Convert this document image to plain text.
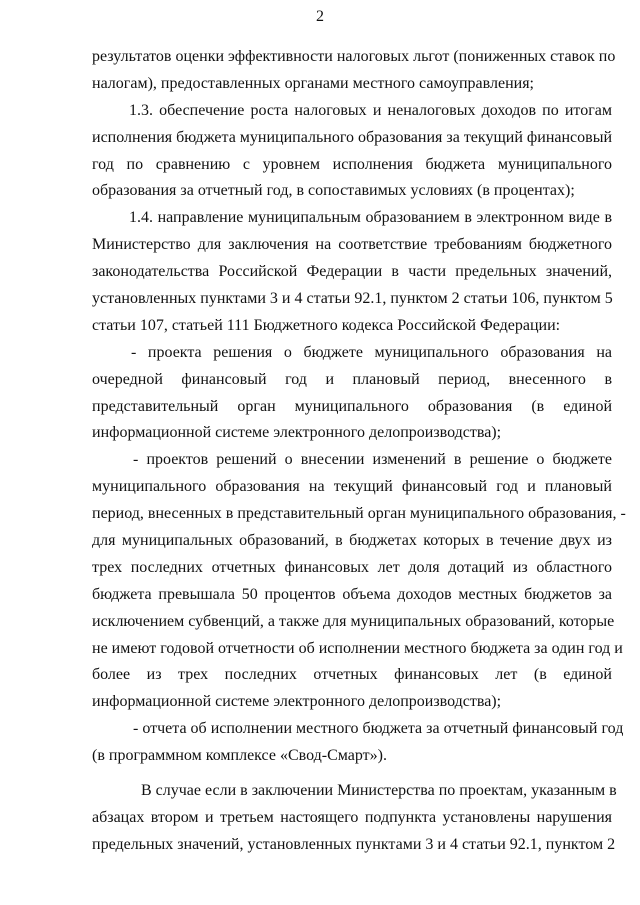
2
результатов оценки эффективности налоговых льгот (пониженных ставок по
налогам), предоставленных органами местного самоуправления;
1.3. обеспечение роста налоговых и неналоговых доходов по итогам
исполнения бюджета муниципального образования за текущий финансовый
год по сравнению с уровнем исполнения бюджета муниципального
образования за отчетный год, в сопоставимых условиях (в процентах);
1.4. направление муниципальным образованием в электронном виде в
Министерство для заключения на соответствие требованиям бюджетного
законодательства Российской Федерации в части предельных значений,
установленных пунктами 3 и 4 статьи 92.1, пунктом 2 статьи 106, пунктом 5
статьи 107, статьей 111 Бюджетного кодекса Российской Федерации:
- проекта решения о бюджете муниципального образования на
очередной финансовый год и плановый период, внесенного в
представительный орган муниципального образования (в единой
информационной системе электронного делопроизводства);
- проектов решений о внесении изменений в решение о бюджете
муниципального образования на текущий финансовый год и плановый
период, внесенных в представительный орган муниципального образования, -
для муниципальных образований, в бюджетах которых в течение двух из
трех последних отчетных финансовых лет доля дотаций из областного
бюджета превышала 50 процентов объема доходов местных бюджетов за
исключением субвенций, а также для муниципальных образований, которые
не имеют годовой отчетности об исполнении местного бюджета за один год и
более из трех последних отчетных финансовых лет (в единой
информационной системе электронного делопроизводства);
- отчета об исполнении местного бюджета за отчетный финансовый год
(в программном комплексе «Свод-Смарт»).
В случае если в заключении Министерства по проектам, указанным в
абзацах втором и третьем настоящего подпункта установлены нарушения
предельных значений, установленных пунктами 3 и 4 статьи 92.1, пунктом 2
